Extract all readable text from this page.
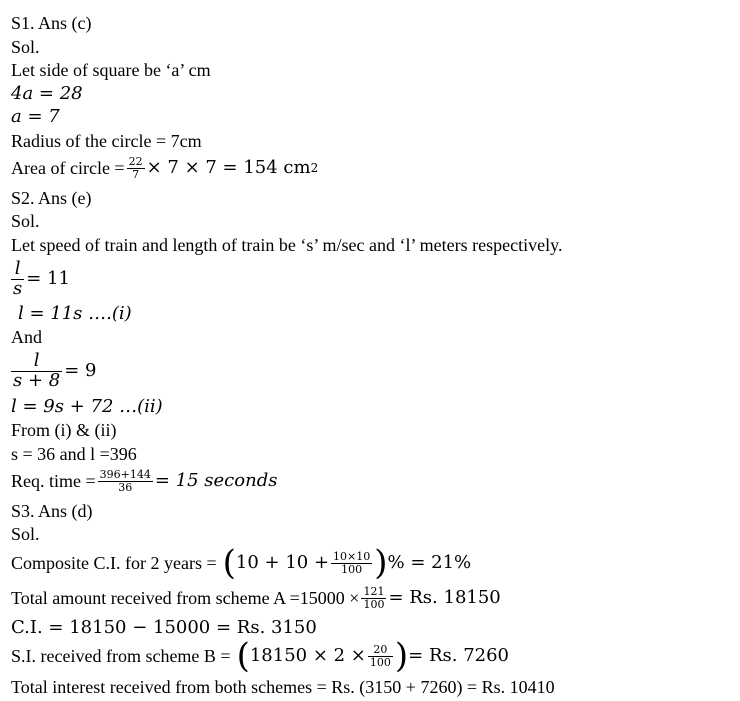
S1. Ans (c)
Sol.
Let side of square be ‘a’ cm
4a = 28
a = 7
Radius of the circle = 7cm
Area of circle = $\frac{22}{7} \times 7 \times 7 = 154$ cm 2
S2. Ans (e)
Sol.
Let speed of train and length of train be ‘s’ m/sec and ‘l’ meters respectively.
$\frac{l}{s} = 11$
l = 11s ….(i)
And
$\frac{l}{s + 8} = 9$
l = 9s + 72 …(ii)
From (i) & (ii)
s = 36 and l =396
Req. time = $\frac{396+144}{36} = 15$ seconds
S3. Ans (d)
Sol.
Composite C.I. for 2 years = ( $10 + 10 + \frac{10\times 10}{100}$ ) % = 21%
Total amount received from scheme $A =15000 \times \frac{121}{100} = Rs$. 18150
C.I. = 18150 − 15000 = Rs. 3150
S.I. received from scheme B = ( $18150 \times 2 \times \frac{20}{100}$ ) = Rs. 7260
Total interest received from both schemes = Rs. (3150 + 7260) = Rs. 10410
